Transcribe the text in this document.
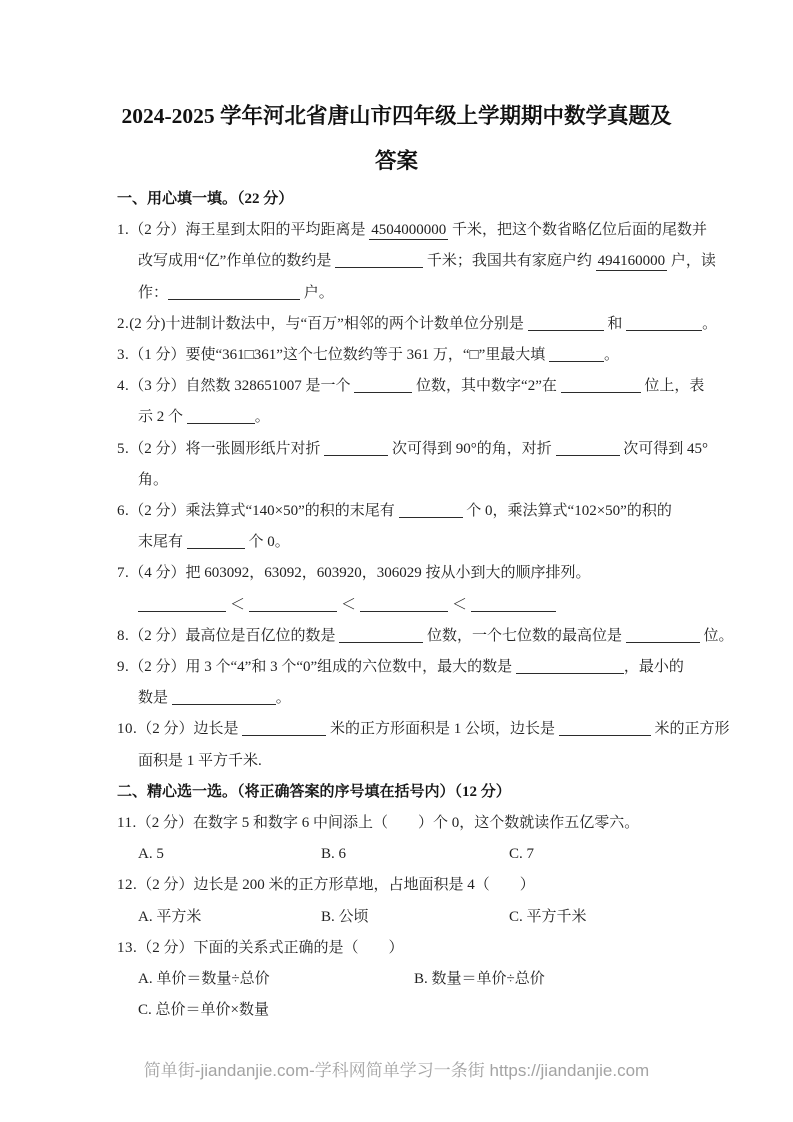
2024-2025 学年河北省唐山市四年级上学期期中数学真题及
答案
一、用心填一填。（22 分）
1.（2 分）海王星到太阳的平均距离是 4504000000 千米，把这个数省略亿位后面的尾数并
改写成用“亿”作单位的数约是	千米；我国共有家庭户约 494160000 户，读
作：	户。
2.(2 分)十进制计数法中，与“百万”相邻的两个计数单位分别是	和	。
3.（1 分）要使“361□361”这个七位数约等于 361 万，“□”里最大填	。
4.（3 分）自然数 328651007 是一个	位数，其中数字“2”在	位上，表
示 2 个	。
5.（2 分）将一张圆形纸片对折	次可得到 90°的角，对折	次可得到 45°
角。
6.（2 分）乘法算式“140×50”的积的末尾有	个 0，乘法算式“102×50”的积的
末尾有	个 0。
7.（4 分）把 603092，63092，603920，306029 按从小到大的顺序排列。
＜	＜	＜
8.（2 分）最高位是百亿位的数是	位数，一个七位数的最高位是	位。
9.（2 分）用 3 个“4”和 3 个“0”组成的六位数中，最大的数是	，最小的
数是	。
10.（2 分）边长是	米的正方形面积是 1 公顷，边长是	米的正方形
面积是 1 平方千米.
二、精心选一选。（将正确答案的序号填在括号内）（12 分）
11.（2 分）在数字 5 和数字 6 中间添上（　　）个 0，这个数就读作五亿零六。
A. 5	B. 6	C. 7
12.（2 分）边长是 200 米的正方形草地，占地面积是 4（　　）
A. 平方米	B. 公顷	C. 平方千米
13.（2 分）下面的关系式正确的是（　　）
A. 单价＝数量÷总价	B. 数量＝单价÷总价
C. 总价＝单价×数量
简单街-jiandanjie.com-学科网简单学习一条街 https://jiandanjie.com
